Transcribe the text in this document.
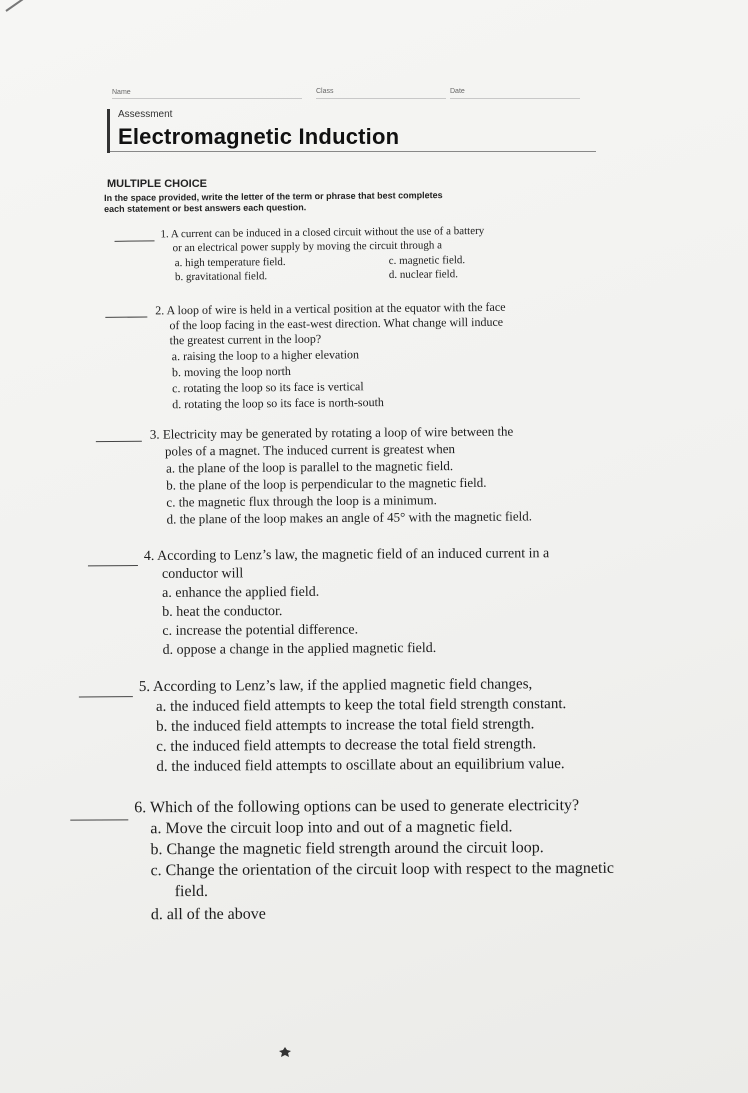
Name	Class	Date
Assessment
Electromagnetic Induction
MULTIPLE CHOICE
In the space provided, write the letter of the term or phrase that best completes
each statement or best answers each question.
1. A current can be induced in a closed circuit without the use of a battery
or an electrical power supply by moving the circuit through a
a. high temperature field.
b. gravitational field.
c. magnetic field.
d. nuclear field.
2. A loop of wire is held in a vertical position at the equator with the face
of the loop facing in the east-west direction. What change will induce
the greatest current in the loop?
a. raising the loop to a higher elevation
b. moving the loop north
c. rotating the loop so its face is vertical
d. rotating the loop so its face is north-south
3. Electricity may be generated by rotating a loop of wire between the
poles of a magnet. The induced current is greatest when
a. the plane of the loop is parallel to the magnetic field.
b. the plane of the loop is perpendicular to the magnetic field.
c. the magnetic flux through the loop is a minimum.
d. the plane of the loop makes an angle of 45° with the magnetic field.
4. According to Lenz’s law, the magnetic field of an induced current in a
conductor will
a. enhance the applied field.
b. heat the conductor.
c. increase the potential difference.
d. oppose a change in the applied magnetic field.
5. According to Lenz’s law, if the applied magnetic field changes,
a. the induced field attempts to keep the total field strength constant.
b. the induced field attempts to increase the total field strength.
c. the induced field attempts to decrease the total field strength.
d. the induced field attempts to oscillate about an equilibrium value.
6. Which of the following options can be used to generate electricity?
a. Move the circuit loop into and out of a magnetic field.
b. Change the magnetic field strength around the circuit loop.
c. Change the orientation of the circuit loop with respect to the magnetic
field.
d. all of the above
